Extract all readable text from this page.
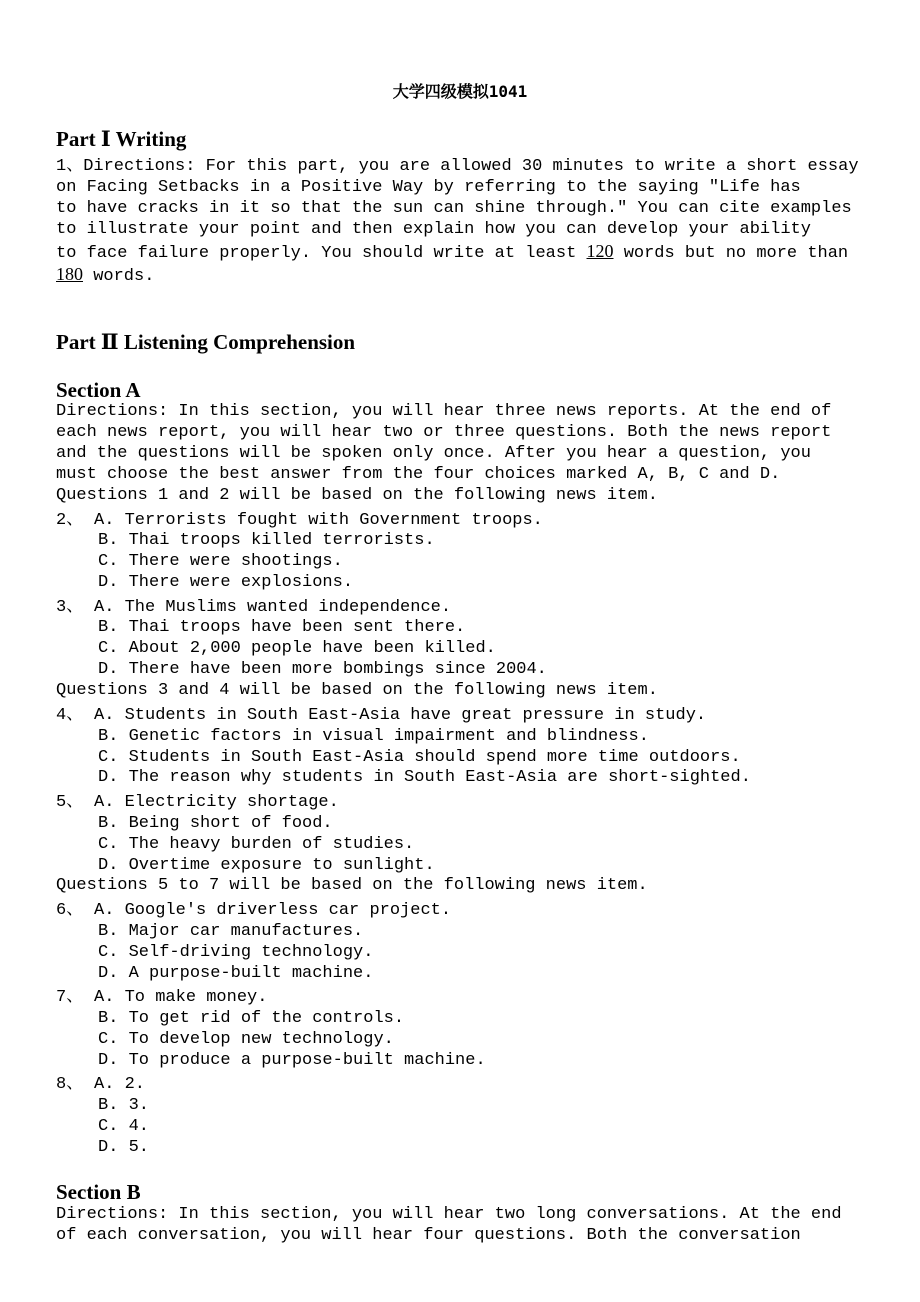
大学四级模拟1041
Part Ⅰ Writing
1、Directions: For this part, you are allowed 30 minutes to write a short essay
on Facing Setbacks in a Positive Way by referring to the saying "Life has
to have cracks in it so that the sun can shine through." You can cite examples
to illustrate your point and then explain how you can develop your ability
to face failure properly. You should write at least 120 words but no more than
180 words.
Part Ⅱ Listening Comprehension
Section A
Directions: In this section, you will hear three news reports. At the end of
each news report, you will hear two or three questions. Both the news report
and the questions will be spoken only once. After you hear a question, you
must choose the best answer from the four choices marked A, B, C and D.
Questions 1 and 2 will be based on the following news item.
2、 A. Terrorists fought with Government troops.
B. Thai troops killed terrorists.
C. There were shootings.
D. There were explosions.
3、 A. The Muslims wanted independence.
B. Thai troops have been sent there.
C. About 2,000 people have been killed.
D. There have been more bombings since 2004.
Questions 3 and 4 will be based on the following news item.
4、 A. Students in South East-Asia have great pressure in study.
B. Genetic factors in visual impairment and blindness.
C. Students in South East-Asia should spend more time outdoors.
D. The reason why students in South East-Asia are short-sighted.
5、 A. Electricity shortage.
B. Being short of food.
C. The heavy burden of studies.
D. Overtime exposure to sunlight.
Questions 5 to 7 will be based on the following news item.
6、 A. Google's driverless car project.
B. Major car manufactures.
C. Self-driving technology.
D. A purpose-built machine.
7、 A. To make money.
B. To get rid of the controls.
C. To develop new technology.
D. To produce a purpose-built machine.
8、 A. 2.
B. 3.
C. 4.
D. 5.
Section B
Directions: In this section, you will hear two long conversations. At the end
of each conversation, you will hear four questions. Both the conversation
